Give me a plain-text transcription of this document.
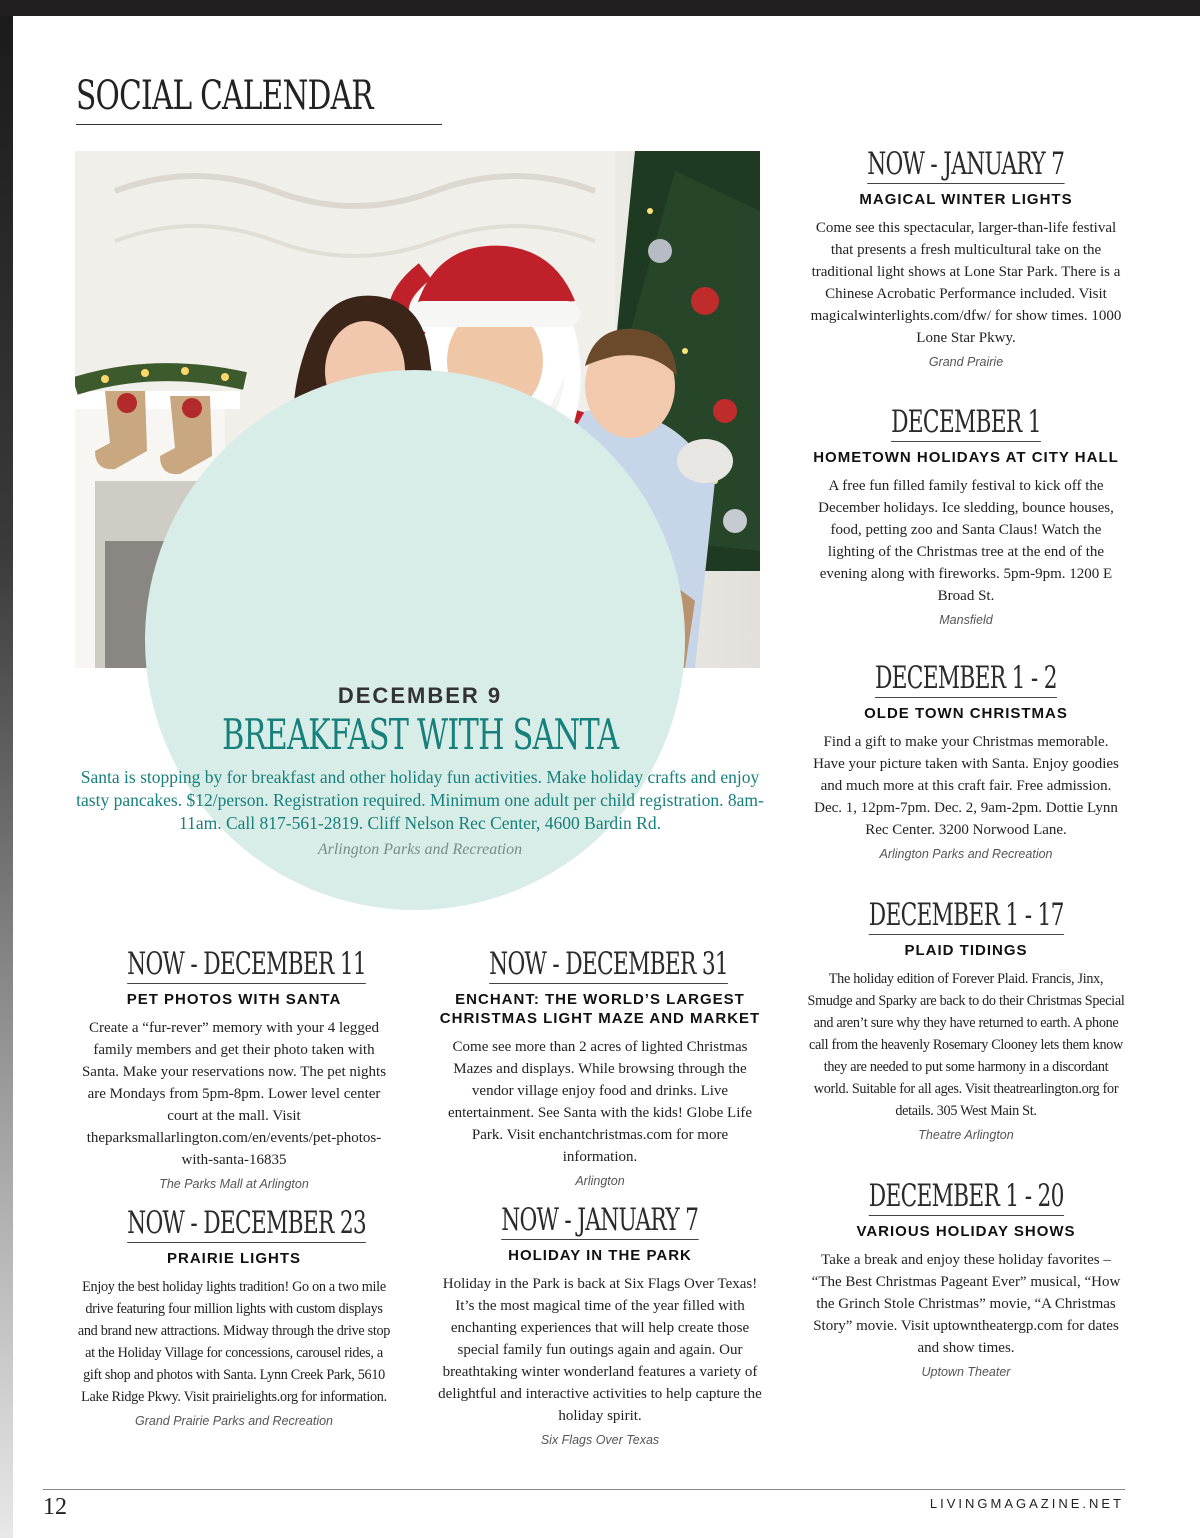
SOCIAL CALENDAR
DECEMBER 9
BREAKFAST WITH SANTA

Santa is stopping by for breakfast and other holiday fun activities. Make holiday crafts and enjoy tasty pancakes. $12/person. Registration required. Minimum one adult per child registration. 8am-11am. Call 817-561-2819. Cliff Nelson Rec Center, 4600 Bardin Rd.

Arlington Parks and Recreation
NOW - DECEMBER 11
PET PHOTOS WITH SANTA
Create a “fur-rever” memory with your 4 legged family members and get their photo taken with Santa. Make your reservations now. The pet nights are Mondays from 5pm-8pm. Lower level center court at the mall. Visit theparksmallarlington.com/en/events/pet-photos-with-santa-16835
The Parks Mall at Arlington
NOW - DECEMBER 23
PRAIRIE LIGHTS
Enjoy the best holiday lights tradition! Go on a two mile drive featuring four million lights with custom displays and brand new attractions. Midway through the drive stop at the Holiday Village for concessions, carousel rides, a gift shop and photos with Santa. Lynn Creek Park, 5610 Lake Ridge Pkwy. Visit prairielights.org for information.
Grand Prairie Parks and Recreation
NOW - DECEMBER 31
ENCHANT: THE WORLD’S LARGEST CHRISTMAS LIGHT MAZE AND MARKET
Come see more than 2 acres of lighted Christmas Mazes and displays. While browsing through the vendor village enjoy food and drinks. Live entertainment. See Santa with the kids! Globe Life Park. Visit enchantchristmas.com for more information.
Arlington
NOW - JANUARY 7
HOLIDAY IN THE PARK
Holiday in the Park is back at Six Flags Over Texas! It’s the most magical time of the year filled with enchanting experiences that will help create those special family fun outings again and again. Our breathtaking winter wonderland features a variety of delightful and interactive activities to help capture the holiday spirit.
Six Flags Over Texas
NOW - JANUARY 7
MAGICAL WINTER LIGHTS
Come see this spectacular, larger-than-life festival that presents a fresh multicultural take on the traditional light shows at Lone Star Park. There is a Chinese Acrobatic Performance included. Visit magicalwinterlights.com/dfw/ for show times. 1000 Lone Star Pkwy.
Grand Prairie
DECEMBER 1
HOMETOWN HOLIDAYS AT CITY HALL
A free fun filled family festival to kick off the December holidays. Ice sledding, bounce houses, food, petting zoo and Santa Claus! Watch the lighting of the Christmas tree at the end of the evening along with fireworks. 5pm-9pm. 1200 E Broad St.
Mansfield
DECEMBER 1 - 2
OLDE TOWN CHRISTMAS
Find a gift to make your Christmas memorable. Have your picture taken with Santa. Enjoy goodies and much more at this craft fair. Free admission. Dec. 1, 12pm-7pm. Dec. 2, 9am-2pm. Dottie Lynn Rec Center. 3200 Norwood Lane.
Arlington Parks and Recreation
DECEMBER 1 - 17
PLAID TIDINGS
The holiday edition of Forever Plaid. Francis, Jinx, Smudge and Sparky are back to do their Christmas Special and aren’t sure why they have returned to earth. A phone call from the heavenly Rosemary Clooney lets them know they are needed to put some harmony in a discordant world. Suitable for all ages. Visit theatrearlington.org for details. 305 West Main St.
Theatre Arlington
DECEMBER 1 - 20
VARIOUS HOLIDAY SHOWS
Take a break and enjoy these holiday favorites – “The Best Christmas Pageant Ever” musical, “How the Grinch Stole Christmas” movie, “A Christmas Story” movie. Visit uptowntheatergp.com for dates and show times.
Uptown Theater
12	LIVINGMAGAZINE.NET
